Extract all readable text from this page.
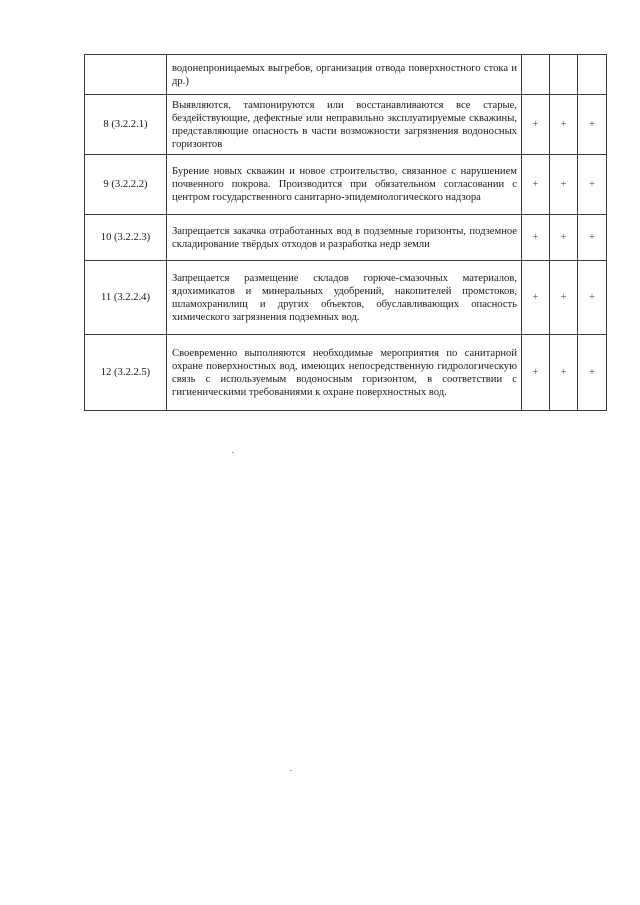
	водонепроницаемых выгребов, организация отвода поверхностного стока и др.)			
8 (3.2.2.1)	Выявляются, тампонируются или восстанавливаются все старые, бездействующие, дефектные или неправильно эксплуатируемые скважины, представляющие опасность в части возможности загрязнения водоносных горизонтов	+	+	+
9 (3.2.2.2)	Бурение новых скважин и новое строительство, связанное с нарушением почвенного покрова. Производится при обязательном согласовании с центром государственного санитарно-эпидемиологического надзора	+	+	+
10 (3.2.2.3)	Запрещается закачка отработанных вод в подземные горизонты, подземное складирование твёрдых отходов и разработка недр земли	+	+	+
11 (3.2.2.4)	Запрещается размещение складов горюче-смазочных материалов, ядохимикатов и минеральных удобрений, накопителей промстоков, шламохранилищ и других объектов, обуславливающих опасность химического загрязнения подземных вод.	+	+	+
12 (3.2.2.5)	Своевременно выполняются необходимые мероприятия по санитарной охране поверхностных вод, имеющих непосредственную гидрологическую связь с используемым водоносным горизонтом, в соответствии с гигиеническими требованиями к охране поверхностных вод.	+	+	+
